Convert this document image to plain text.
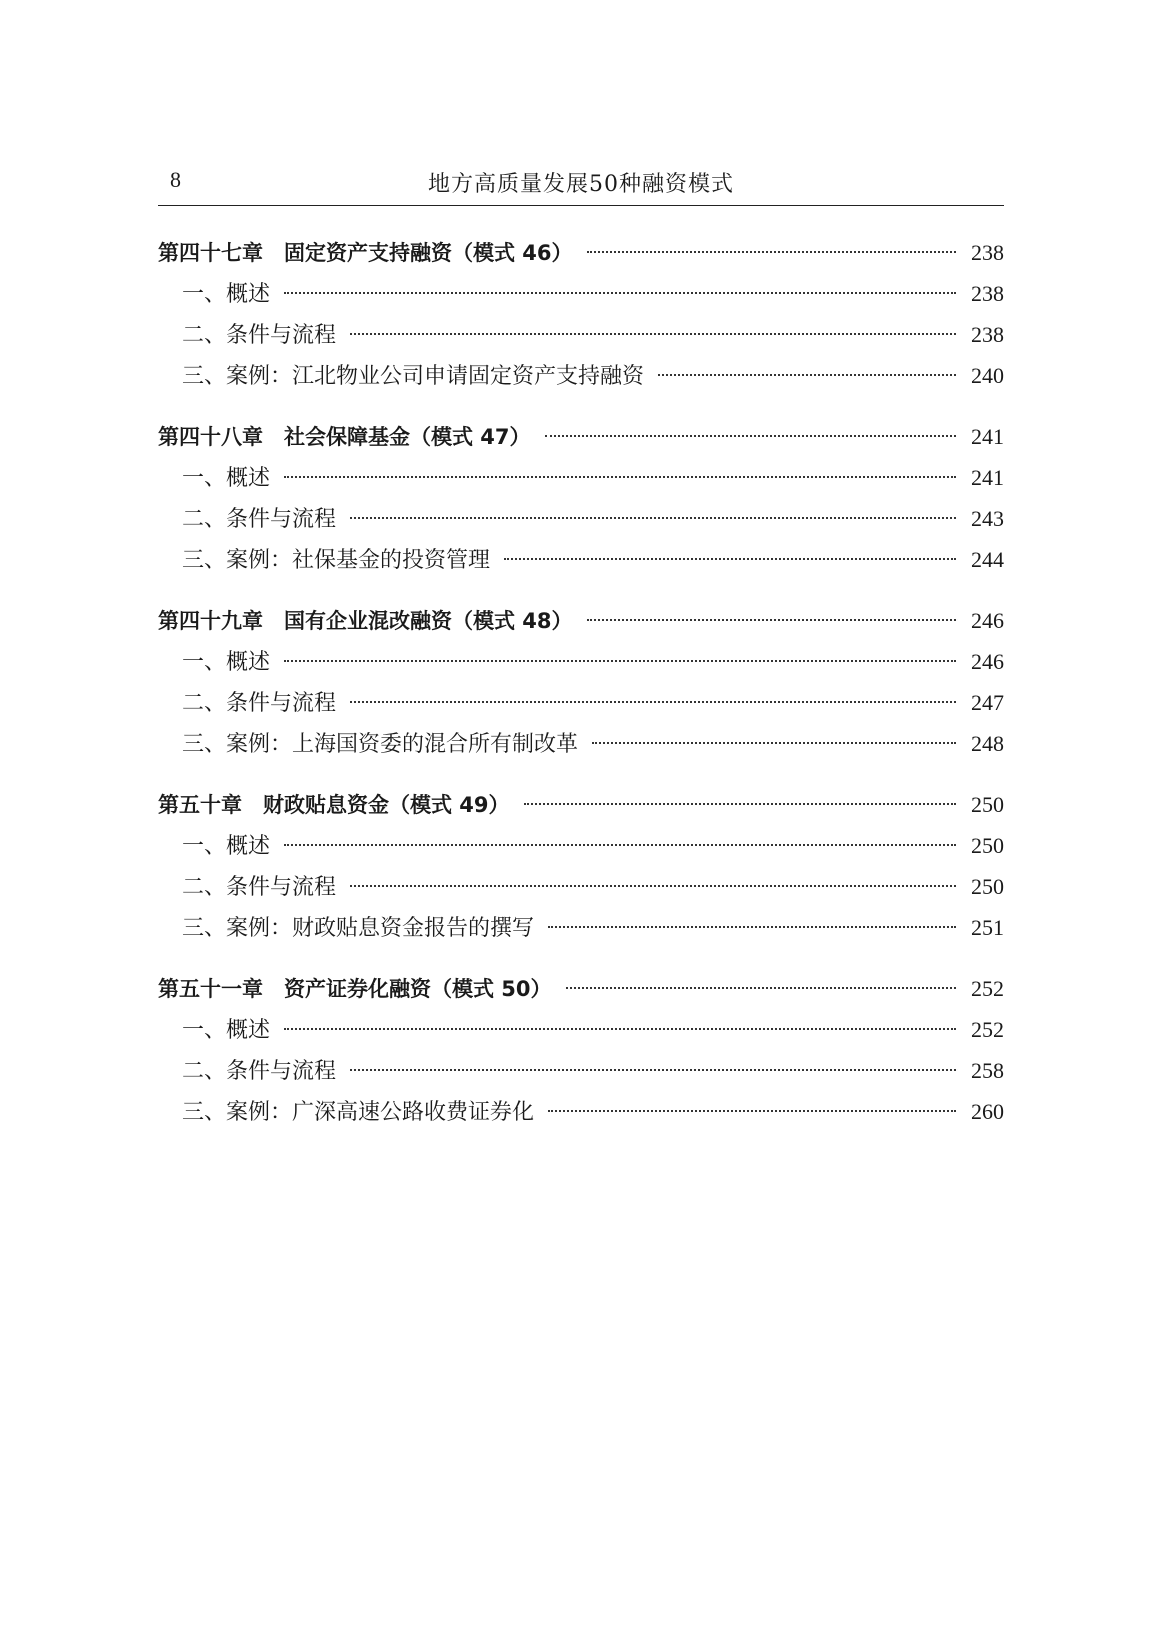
8	地方高质量发展50种融资模式
第四十七章　固定资产支持融资（模式 46）	238
一、概述	238
二、条件与流程	238
三、案例：江北物业公司申请固定资产支持融资	240
第四十八章　社会保障基金（模式 47）	241
一、概述	241
二、条件与流程	243
三、案例：社保基金的投资管理	244
第四十九章　国有企业混改融资（模式 48）	246
一、概述	246
二、条件与流程	247
三、案例：上海国资委的混合所有制改革	248
第五十章　财政贴息资金（模式 49）	250
一、概述	250
二、条件与流程	250
三、案例：财政贴息资金报告的撰写	251
第五十一章　资产证券化融资（模式 50）	252
一、概述	252
二、条件与流程	258
三、案例：广深高速公路收费证券化	260
